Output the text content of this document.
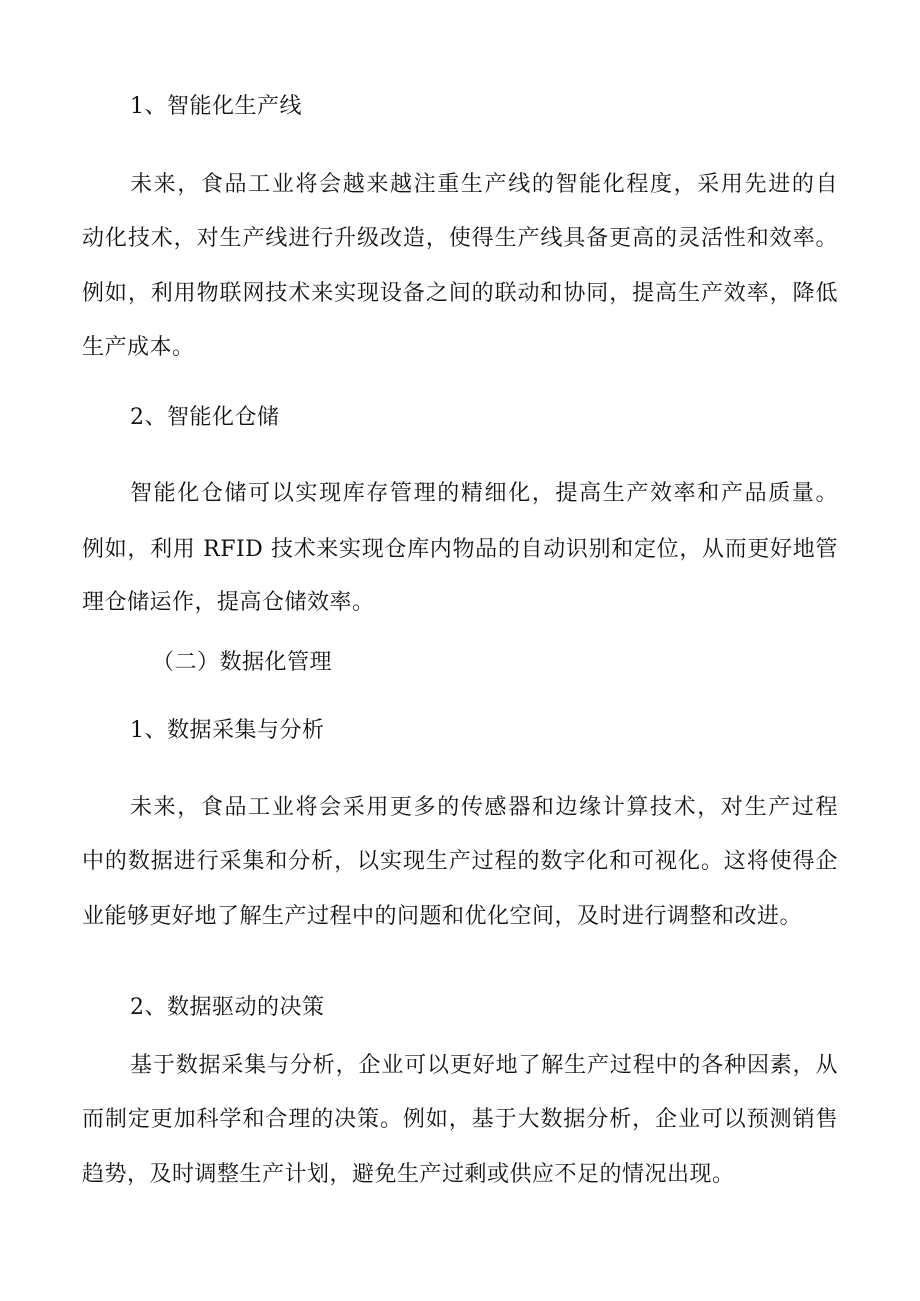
1、智能化生产线
未来，食品工业将会越来越注重生产线的智能化程度，采用先进的自
动化技术，对生产线进行升级改造，使得生产线具备更高的灵活性和效率。
例如，利用物联网技术来实现设备之间的联动和协同，提高生产效率，降低
生产成本。
2、智能化仓储
智能化仓储可以实现库存管理的精细化，提高生产效率和产品质量。
例如，利用 RFID 技术来实现仓库内物品的自动识别和定位，从而更好地管
理仓储运作，提高仓储效率。
（二）数据化管理
1、数据采集与分析
未来，食品工业将会采用更多的传感器和边缘计算技术，对生产过程
中的数据进行采集和分析，以实现生产过程的数字化和可视化。这将使得企
业能够更好地了解生产过程中的问题和优化空间，及时进行调整和改进。
2、数据驱动的决策
基于数据采集与分析，企业可以更好地了解生产过程中的各种因素，从
而制定更加科学和合理的决策。例如，基于大数据分析，企业可以预测销售
趋势，及时调整生产计划，避免生产过剩或供应不足的情况出现。
